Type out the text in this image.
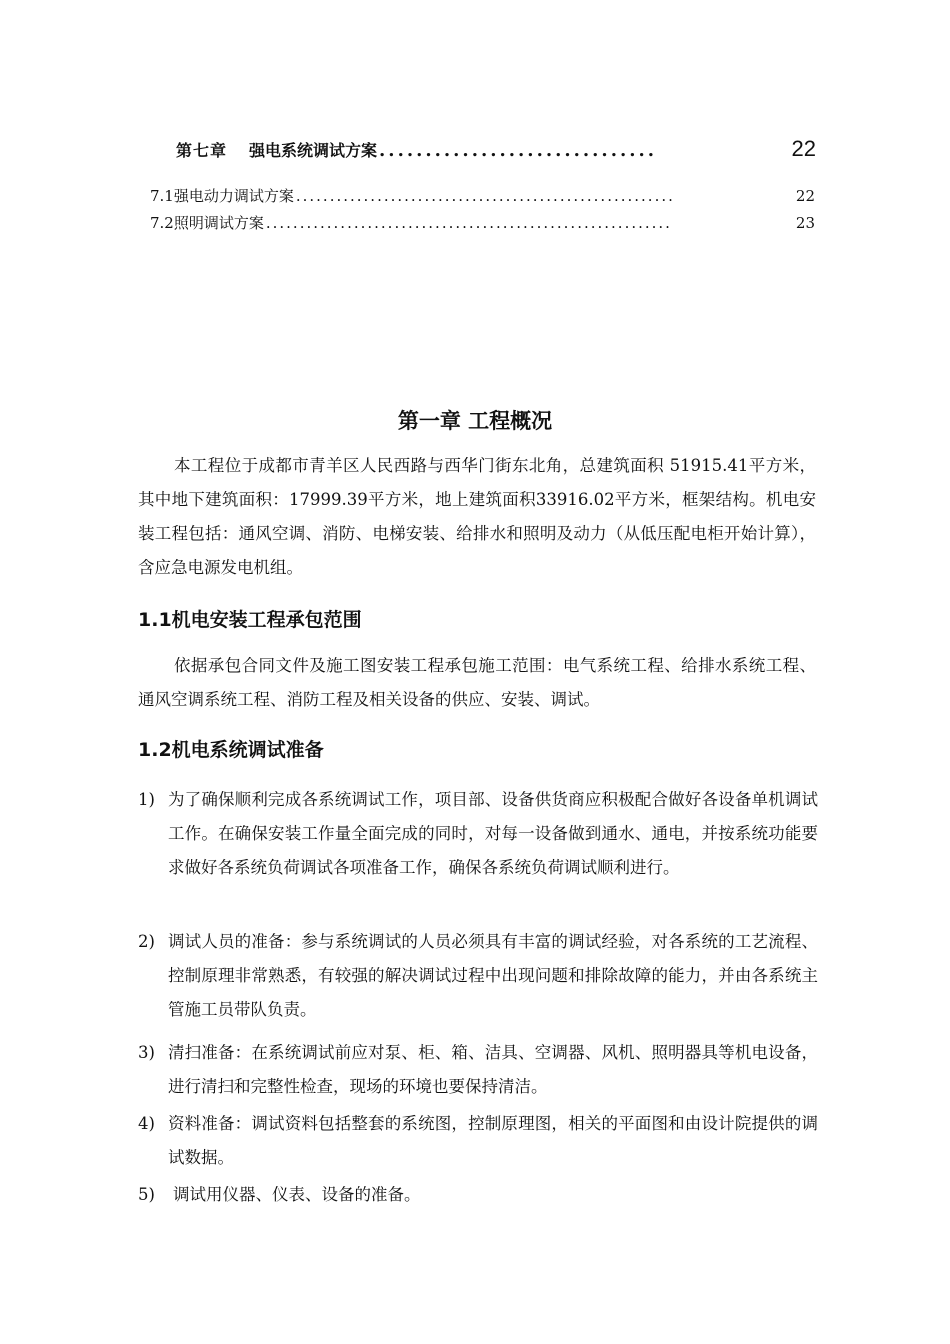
第七章 强电系统调试方案 ..............................	22
7.1强电动力调试方案 ........................................................	22
7.2照明调试方案 ............................................................	23
第一章 工程概况
本工程位于成都市青羊区人民西路与西华门街东北角，总建筑面积 51915.41平方米，其中地下建筑面积：17999.39平方米，地上建筑面积33916.02平方米，框架结构。机电安装工程包括：通风空调、消防、电梯安装、给排水和照明及动力（从低压配电柜开始计算），含应急电源发电机组。
1.1机电安装工程承包范围
依据承包合同文件及施工图安装工程承包施工范围：电气系统工程、给排水系统工程、通风空调系统工程、消防工程及相关设备的供应、安装、调试。
1.2机电系统调试准备
1) 为了确保顺利完成各系统调试工作，项目部、设备供货商应积极配合做好各设备单机调试工作。在确保安装工作量全面完成的同时，对每一设备做到通水、通电，并按系统功能要求做好各系统负荷调试各项准备工作，确保各系统负荷调试顺利进行。
2) 调试人员的准备：参与系统调试的人员必须具有丰富的调试经验，对各系统的工艺流程、控制原理非常熟悉，有较强的解决调试过程中出现问题和排除故障的能力，并由各系统主管施工员带队负责。
3) 清扫准备：在系统调试前应对泵、柜、箱、洁具、空调器、风机、照明器具等机电设备，进行清扫和完整性检查，现场的环境也要保持清洁。
4) 资料准备：调试资料包括整套的系统图，控制原理图，相关的平面图和由设计院提供的调试数据。
5) 调试用仪器、仪表、设备的准备。
